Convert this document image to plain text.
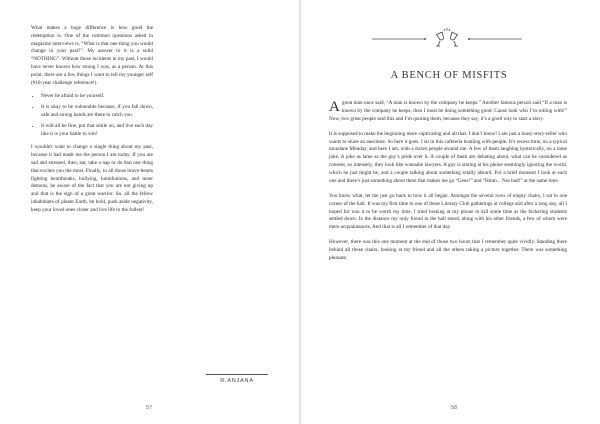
What makes a huge difference is how good the redemption is. One of the common questions asked in magazine interviews is, “What is that one thing you would change in your past?”. My answer to it is a solid “NOTHING”. Without those incidents in my past, I would have never known how strong I was, as a person. At this point, there are a few things I want to tell my younger self (#10-year challenge reference!).

• Never be afraid to be yourself.
• It is okay to be vulnerable because, if you fall down, safe and strong hands are there to catch you.
• It will all be fine, put that smile on, and live each day like it is your battle to win!

I wouldn't want to change a single thing about my past, because it had made me the person I am today. If you are sad and stressed, then, eat, take a nap or do that one thing that excites you the most. Finally, to all those brave-hearts fighting heartbreaks, bullying, humiliations, and inner demons, be aware of the fact that you are not giving up and that is the sign of a great warrior. So, all the fellow inhabitants of planet Earth, be bold, push aside negativity, keep your loved ones closer and live life to the fullest!

R.ANJANA
57
A BENCH OF MISFITS

A great man once said, “A man is known by the company he keeps.” Another famous person said “If a man is known by the company he keeps, then I must be doing something good. Cause look who I’m rolling with!” Now, two great people said this and I’m quoting them, because they say, it’s a good way to start a story.

It is supposed to make the beginning more captivating and all that. I don’t know! I am just a lousy story-teller who wants to share an anecdote. So here it goes. I sit in this cafeteria bustling with people. It’s recess time, on a typical mundane Monday, and here I am, with a dozen people around me. A few of them laughing hysterically, on a lame joke. A joke as lame as the guy’s pride over it. A couple of them are debating about, what can be considered as consent, so intensely, they look like wannabe lawyers. A guy is staring at his phone seemingly ignoring the world, which he just might be, and a couple talking about something totally absurd. For a brief moment I look at each one and there’s just something about them that makes me go “Geez!” and “Hmm... Not bad!” at the same time.

You know what, let me just go back to how it all began. Amongst the several rows of empty chairs, I sat in one corner of the hall. It was my first time to one of these Literary Club gatherings at college and after a long day, all I hoped for was it to be worth my time. I tried looking at my phone to kill some time as the bickering students settled down. In the distance my only friend in the hall stood, along with his other friends, a few of whom were mere acquaintances. And that is all I remember of that day.

However, there was this one moment at the end of those two hours that I remember quite vividly. Standing there behind all those chairs, looking at my friend and all the others taking a picture together. There was something pleasant

58
